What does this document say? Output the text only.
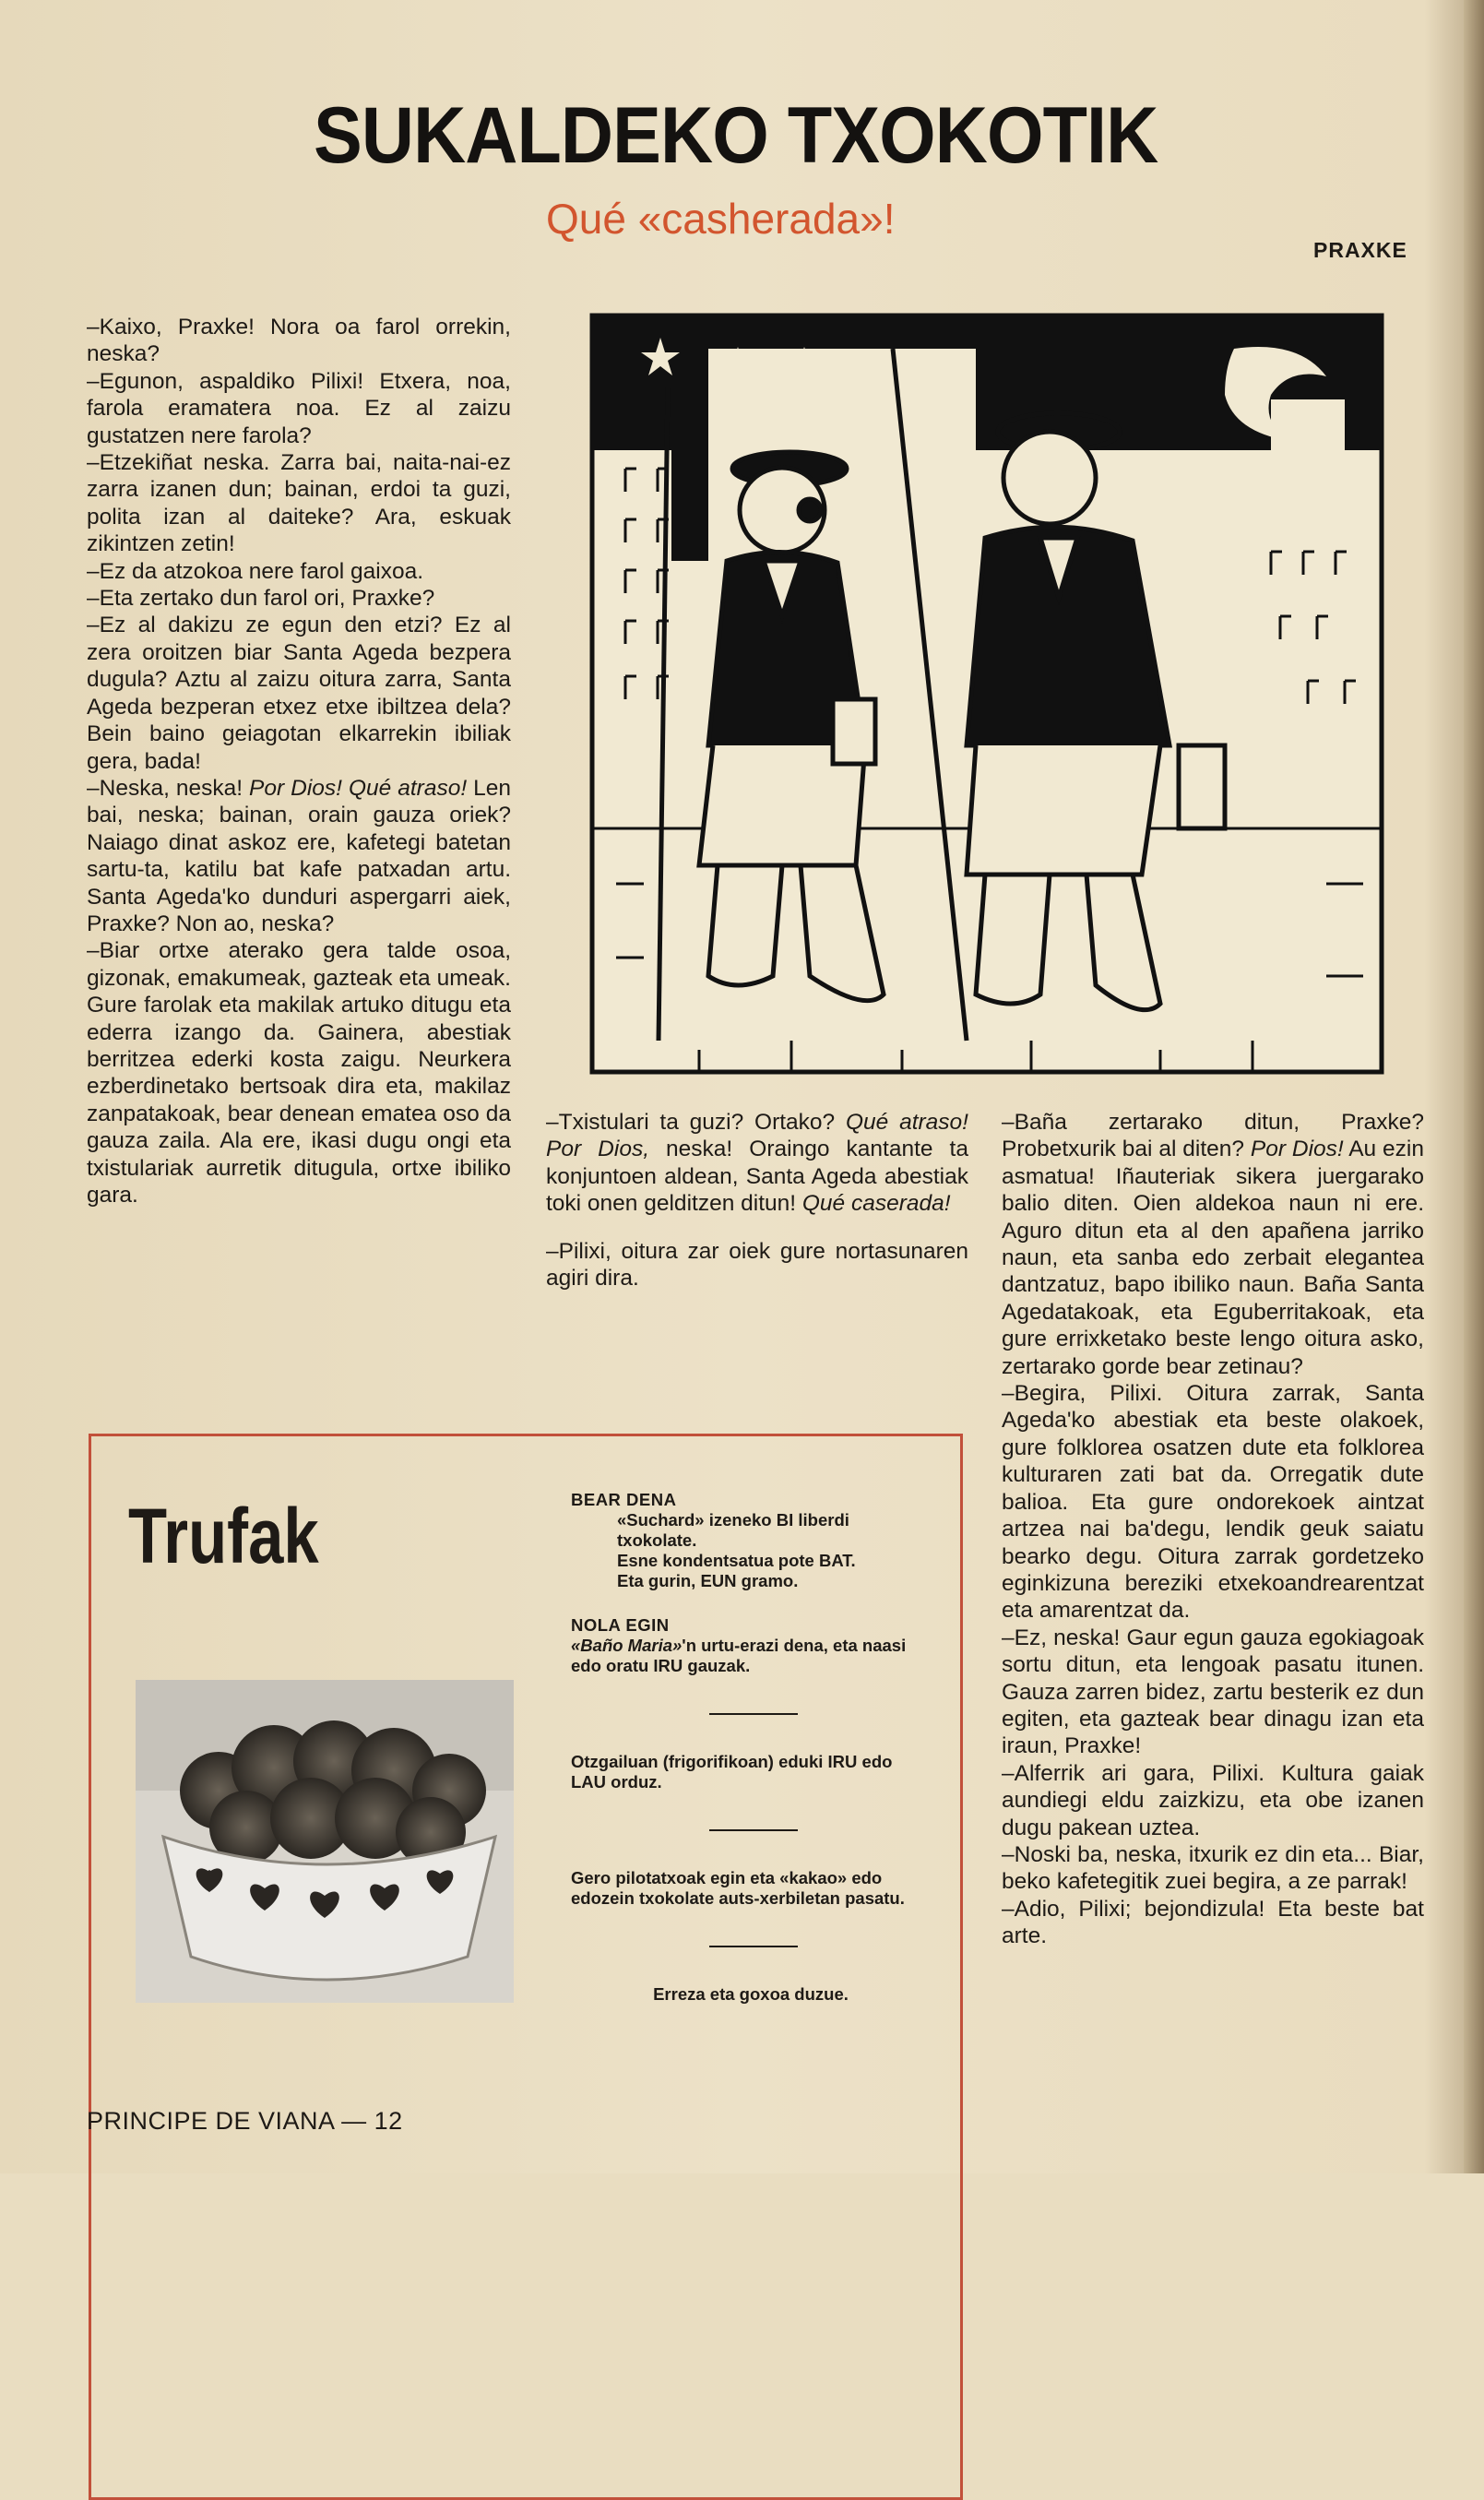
SUKALDEKO TXOKOTIK
Qué «casherada»!
PRAXKE

–Kaixo, Praxke! Nora oa farol orrekin, neska?

–Egunon, aspaldiko Pilixi! Etxera, noa, farola eramatera noa. Ez al zaizu gustatzen nere farola?

–Etzekiñat neska. Zarra bai, naita-nai-ez zarra izanen dun; bainan, erdoi ta guzi, polita izan al daiteke? Ara, eskuak zikintzen zetin!

–Ez da atzokoa nere farol gaixoa.

–Eta zertako dun farol ori, Praxke?

–Ez al dakizu ze egun den etzi? Ez al zera oroitzen biar Santa Ageda bezpera dugula? Aztu al zaizu oitura zarra, Santa Ageda bezperan etxez etxe ibiltzea dela? Bein baino geiagotan elkarrekin ibiliak gera, bada!

–Neska, neska! Por Dios! Qué atraso! Len bai, neska; bainan, orain gauza oriek? Naiago dinat askoz ere, kafetegi batetan sartu-ta, katilu bat kafe patxadan artu. Santa Ageda'ko dunduri aspergarri aiek, Praxke? Non ao, neska?

–Biar ortxe aterako gera talde osoa, gizonak, emakumeak, gazteak eta umeak. Gure farolak eta makilak artuko ditugu eta ederra izango da. Gainera, abestiak berritzea ederki kosta zaigu. Neurkera ezberdinetako bertsoak dira eta, makilaz zanpatakoak, bear denean ematea oso da gauza zaila. Ala ere, ikasi dugu ongi eta txistulariak aurretik ditugula, ortxe ibiliko gara.

–Txistulari ta guzi? Ortako? Qué atraso! Por Dios, neska! Oraingo kantante ta konjuntoen aldean, Santa Ageda abestiak toki onen gelditzen ditun! Qué caserada!

–Pilixi, oitura zar oiek gure nortasunaren agiri dira.

–Baña zertarako ditun, Praxke? Probetxurik bai al diten? Por Dios! Au ezin asmatua! Iñauteriak sikera juergarako balio diten. Oien aldekoa naun ni ere. Aguro ditun eta al den apañena jarriko naun, eta sanba edo zerbait elegantea dantzatuz, bapo ibiliko naun. Baña Santa Agedatakoak, eta Eguberritakoak, eta gure errixketako beste lengo oitura asko, zertarako gorde bear zetinau?

–Begira, Pilixi. Oitura zarrak, Santa Ageda'ko abestiak eta beste olakoek, gure folklorea osatzen dute eta folklorea kulturaren zati bat da. Orregatik dute balioa. Eta gure ondorekoek aintzat artzea nai ba'degu, lendik geuk saiatu bearko degu. Oitura zarrak gordetzeko eginkizuna bereziki etxekoandrearentzat eta amarentzat da.

–Ez, neska! Gaur egun gauza egokiagoak sortu ditun, eta lengoak pasatu itunen. Gauza zarren bidez, zartu besterik ez dun egiten, eta gazteak bear dinagu izan eta iraun, Praxke!

–Alferrik ari gara, Pilixi. Kultura gaiak aundiegi eldu zaizkizu, eta obe izanen dugu pakean uztea.

–Noski ba, neska, itxurik ez din eta... Biar, beko kafetegitik zuei begira, a ze parrak!

–Adio, Pilixi; bejondizula! Eta beste bat arte.

Trufak	BEAR DENA
«Suchard» izeneko BI liberdi txokolate.
Esne kondentsatua pote BAT.
Eta gurin, EUN gramo.
NOLA EGIN
«Baño Maria»'n urtu-erazi dena, eta naasi edo oratu IRU gauzak.
Otzgailuan (frigorifikoan) eduki IRU edo LAU orduz.
Gero pilotatxoak egin eta «kakao» edo edozein txokolate auts-xerbiletan pasatu.
Erreza eta goxoa duzue.
PRINCIPE DE VIANA — 12
